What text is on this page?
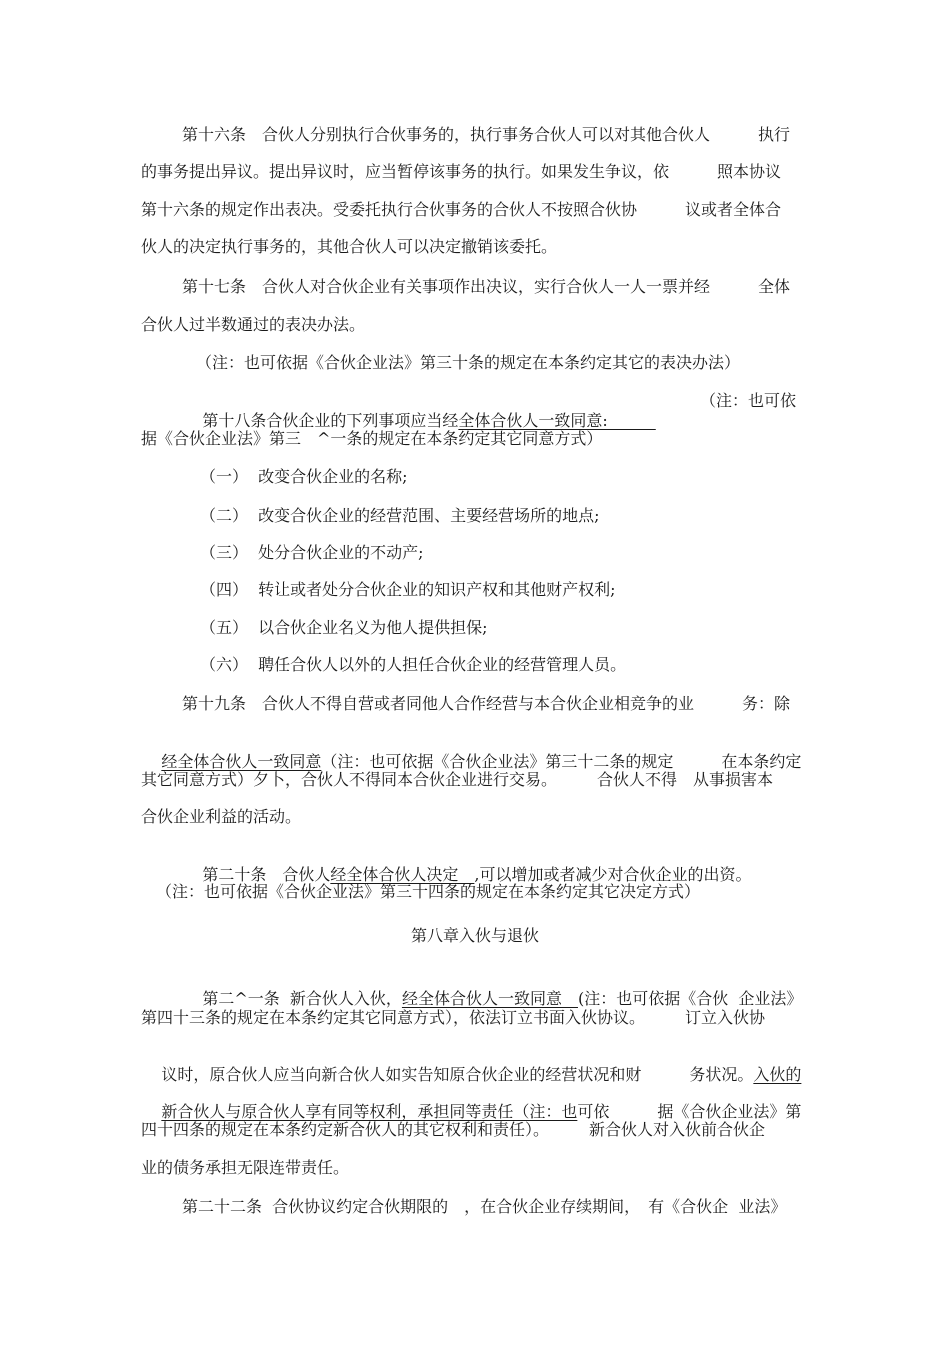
第十六条　合伙人分别执行合伙事务的，执行事务合伙人可以对其他合伙人　　　执行
的事务提出异议。提出异议时，应当暂停该事务的执行。如果发生争议，依　　　照本协议
第十六条的规定作出表决。受委托执行合伙事务的合伙人不按照合伙协　　　议或者全体合
伙人的决定执行事务的，其他合伙人可以决定撤销该委托。
第十七条　合伙人对合伙企业有关事项作出决议，实行合伙人一人一票并经　　　全体
合伙人过半数通过的表决办法。
（注：也可依据《合伙企业法》第三十条的规定在本条约定其它的表决办法）

第十八条合伙企业的下列事项应当经全体合伙人一致同意:　　　

（注：也可依
据《合伙企业法》第三　^一条的规定在本条约定其它同意方式）
（一）  改变合伙企业的名称;
（二）  改变合伙企业的经营范围、主要经营场所的地点;
（三）  处分合伙企业的不动产;
（四）  转让或者处分合伙企业的知识产权和其他财产权利;
（五）  以合伙企业名义为他人提供担保;
（六）  聘任合伙人以外的人担任合伙企业的经营管理人员。
第十九条　合伙人不得自营或者同他人合作经营与本合伙企业相竞争的业　　　务：除

经全体合伙人一致同意（注：也可依据《合伙企业法》第三十二条的规定　　　在本条约定

其它同意方式）夕卜，合伙人不得同本合伙企业进行交易。　　　合伙人不得　从事损害本
合伙企业利益的活动。

第二十条　合伙人经全体合伙人决定　,可以增加或者减少对合伙企业的出资。

（注：也可依据《合伙企业法》第三十四条的规定在本条约定其它决定方式）
第八章入伙与退伙

第二^一条  新合伙人入伙，经全体合伙人一致同意　(注：也可依据《合伙  企业法》

第四十三条的规定在本条约定其它同意方式），依法订立书面入伙协议。　　　订立入伙协

议时，原合伙人应当向新合伙人如实告知原合伙企业的经营状况和财　　　务状况。入伙的

新合伙人与原合伙人享有同等权利，承担同等责任（注：也可依　　　据《合伙企业法》第

四十四条的规定在本条约定新合伙人的其它权利和责任）。　　　新合伙人对入伙前合伙企
业的债务承担无限连带责任。
第二十二条  合伙协议约定合伙期限的　，在合伙企业存续期间，　有《合伙企  业法》
